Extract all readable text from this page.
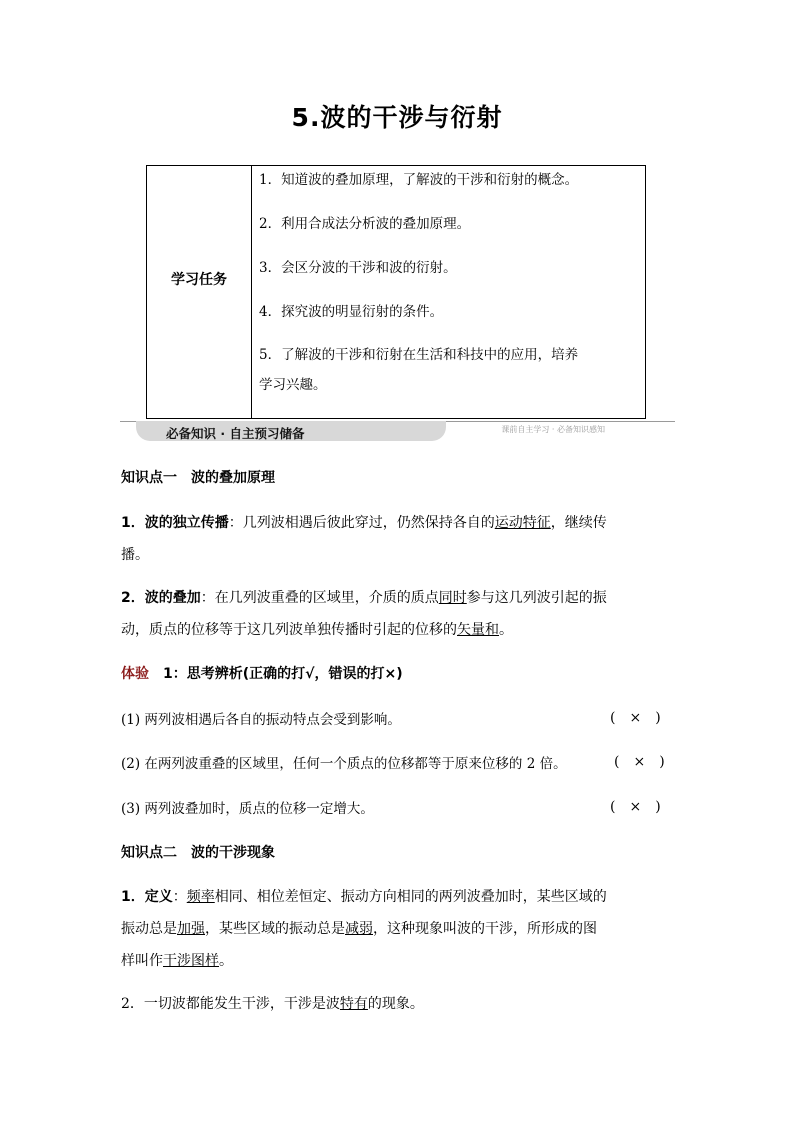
5.波的干涉与衍射
学习任务
1．知道波的叠加原理，了解波的干涉和衍射的概念。
2．利用合成法分析波的叠加原理。
3．会区分波的干涉和波的衍射。
4．探究波的明显衍射的条件。
5．了解波的干涉和衍射在生活和科技中的应用，培养
学习兴趣。
必备知识 · 自主预习储备	课前自主学习 · 必备知识感知
知识点一　波的叠加原理
1．波的独立传播：几列波相遇后彼此穿过，仍然保持各自的运动特征，继续传
播。
2．波的叠加：在几列波重叠的区域里，介质的质点同时参与这几列波引起的振
动，质点的位移等于这几列波单独传播时引起的位移的矢量和。
体验　1：思考辨析(正确的打√，错误的打×)
(1) 两列波相遇后各自的振动特点会受到影响。	(　×　)
(2) 在两列波重叠的区域里，任何一个质点的位移都等于原来位移的 2 倍。	(　×　)
(3) 两列波叠加时，质点的位移一定增大。	(　×　)
知识点二　波的干涉现象
1．定义：频率相同、相位差恒定、振动方向相同的两列波叠加时，某些区域的
振动总是加强，某些区域的振动总是减弱，这种现象叫波的干涉，所形成的图
样叫作干涉图样。
2．一切波都能发生干涉，干涉是波特有的现象。
